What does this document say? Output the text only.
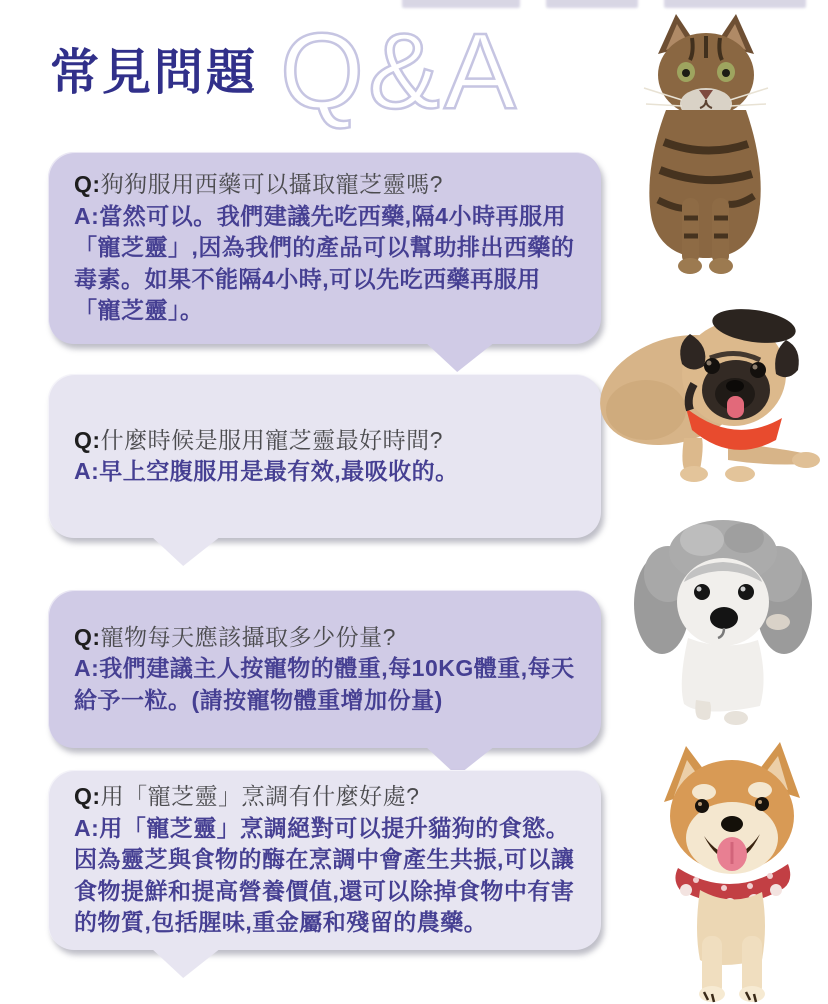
Q&A
常見問題
Q:狗狗服用西藥可以攝取寵芝靈嗎?
A:當然可以。我們建議先吃西藥,隔4小時再服用「寵芝靈」,因為我們的產品可以幫助排出西藥的毒素。如果不能隔4小時,可以先吃西藥再服用　「寵芝靈」。
Q:什麼時候是服用寵芝靈最好時間?
A:早上空腹服用是最有效,最吸收的。
Q:寵物每天應該攝取多少份量?
A:我們建議主人按寵物的體重,每10KG體重,每天給予一粒。(請按寵物體重增加份量)
Q:用「寵芝靈」烹調有什麼好處?
A:用「寵芝靈」烹調絕對可以提升貓狗的食慾。因為靈芝與食物的酶在烹調中會產生共振,可以讓食物提鮮和提高營養價值,還可以除掉食物中有害的物質,包括腥味,重金屬和殘留的農藥。
